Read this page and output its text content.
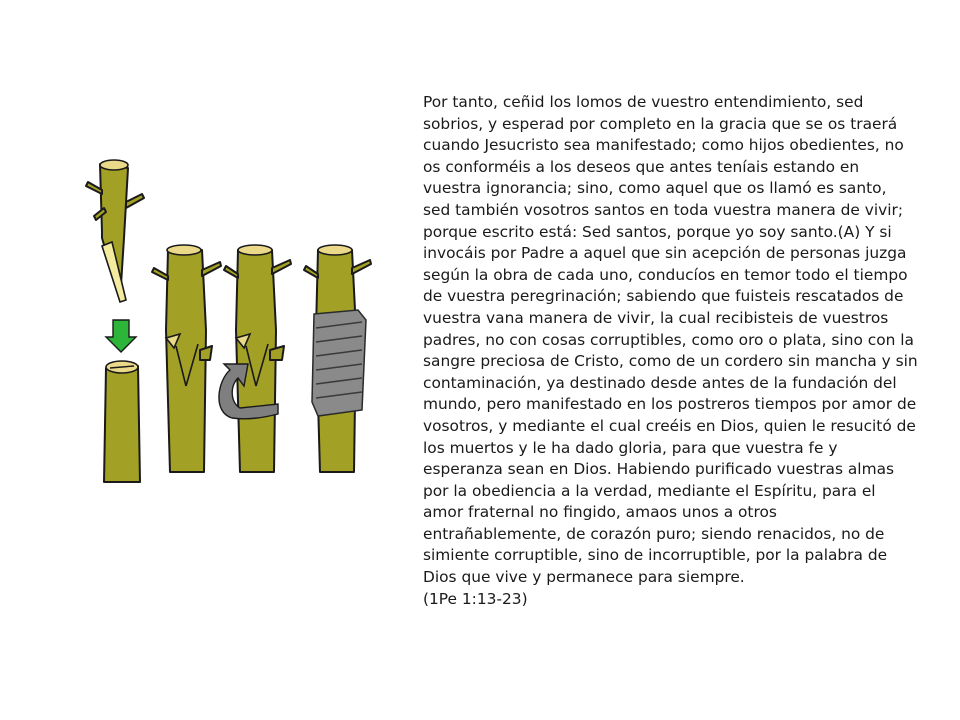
Por tanto, ceñid los lomos de vuestro entendimiento, sed sobrios, y esperad por completo en la gracia que se os traerá cuando Jesucristo sea manifestado; como hijos obedientes, no os conforméis a los deseos que antes teníais estando en vuestra ignorancia; sino, como aquel que os llamó es santo, sed también vosotros santos en toda vuestra manera de vivir; porque escrito está: Sed santos, porque yo soy santo.(A) Y si invocáis por Padre a aquel que sin acepción de personas juzga según la obra de cada uno, conducíos en temor todo el tiempo de vuestra peregrinación; sabiendo que fuisteis rescatados de vuestra vana manera de vivir, la cual recibisteis de vuestros padres, no con cosas corruptibles, como oro o plata, sino con la sangre preciosa de Cristo, como de un cordero sin mancha y sin contaminación, ya destinado desde antes de la fundación del mundo, pero manifestado en los postreros tiempos por amor de vosotros, y mediante el cual creéis en Dios, quien le resucitó de los muertos y le ha dado gloria, para que vuestra fe y esperanza sean en Dios. Habiendo purificado vuestras almas por la obediencia a la verdad, mediante el Espíritu, para el amor fraternal no fingido, amaos unos a otros entrañablemente, de corazón puro; siendo renacidos, no de simiente corruptible, sino de incorruptible, por la palabra de Dios que vive y permanece para siempre.

(1Pe 1:13-23)
